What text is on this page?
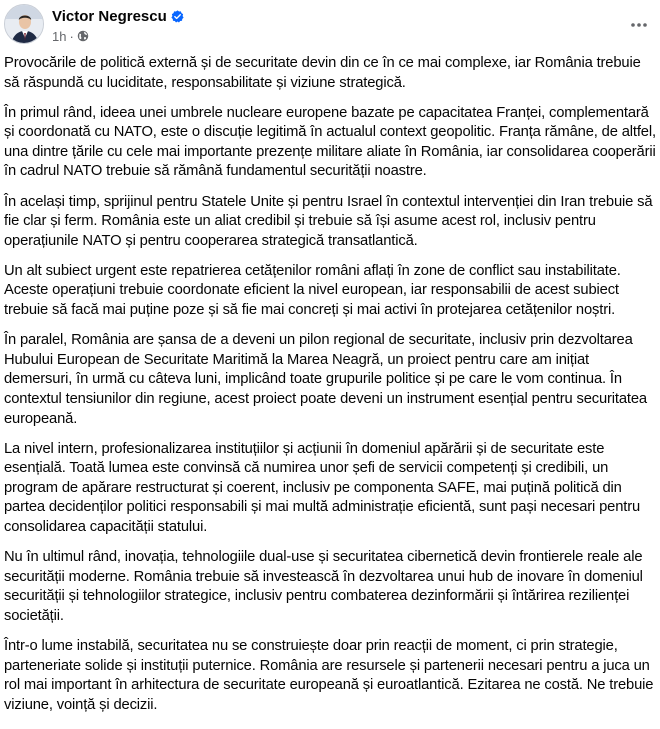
Victor Negrescu
1h ·

Provocările de politică externă și de securitate devin din ce în ce mai complexe, iar România trebuie să răspundă cu luciditate, responsabilitate și viziune strategică.

În primul rând, ideea unei umbrele nucleare europene bazate pe capacitatea Franței, complementară și coordonată cu NATO, este o discuție legitimă în actualul context geopolitic. Franța rămâne, de altfel, una dintre țările cu cele mai importante prezențe militare aliate în România, iar consolidarea cooperării în cadrul NATO trebuie să rămână fundamentul securității noastre.

În același timp, sprijinul pentru Statele Unite și pentru Israel în contextul intervenției din Iran trebuie să fie clar și ferm. România este un aliat credibil și trebuie să își asume acest rol, inclusiv pentru operațiunile NATO și pentru cooperarea strategică transatlantică.

Un alt subiect urgent este repatrierea cetățenilor români aflați în zone de conflict sau instabilitate. Aceste operațiuni trebuie coordonate eficient la nivel european, iar responsabilii de acest subiect trebuie să facă mai puține poze și să fie mai concreți și mai activi în protejarea cetățenilor noștri.

În paralel, România are șansa de a deveni un pilon regional de securitate, inclusiv prin dezvoltarea Hubului European de Securitate Maritimă la Marea Neagră, un proiect pentru care am inițiat demersuri, în urmă cu câteva luni, implicând toate grupurile politice și pe care le vom continua. În contextul tensiunilor din regiune, acest proiect poate deveni un instrument esențial pentru securitatea europeană.

La nivel intern, profesionalizarea instituțiilor și acțiunii în domeniul apărării și de securitate este esențială. Toată lumea este convinsă că numirea unor șefi de servicii competenți și credibili, un program de apărare restructurat și coerent, inclusiv pe componenta SAFE, mai puțină politică din partea decidenților politici responsabili și mai multă administrație eficientă, sunt pași necesari pentru consolidarea capacității statului.

Nu în ultimul rând, inovația, tehnologiile dual-use și securitatea cibernetică devin frontierele reale ale securității moderne. România trebuie să investească în dezvoltarea unui hub de inovare în domeniul securității și tehnologiilor strategice, inclusiv pentru combaterea dezinformării și întărirea rezilienței societății.

Într-o lume instabilă, securitatea nu se construiește doar prin reacții de moment, ci prin strategie, parteneriate solide și instituții puternice. România are resursele și partenerii necesari pentru a juca un rol mai important în arhitectura de securitate europeană și euroatlantică. Ezitarea ne costă. Ne trebuie viziune, voință și decizii.
